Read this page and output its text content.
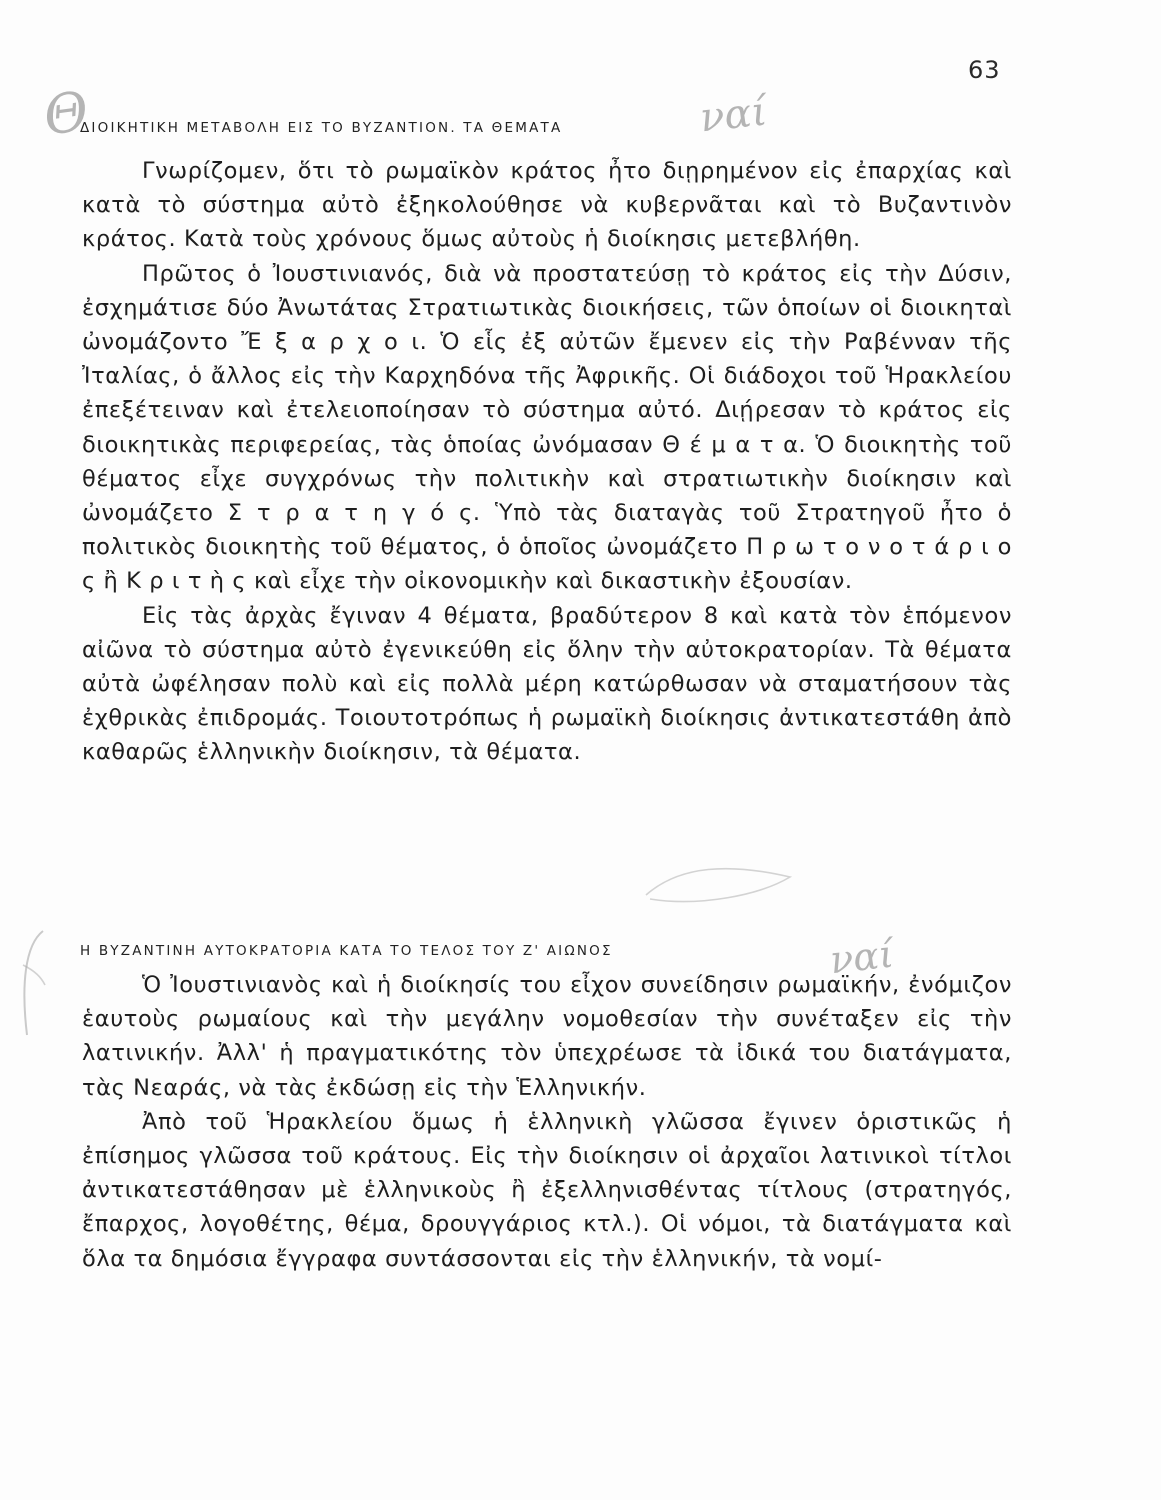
63
Θ	ναί
ναί
ΔΙΟΙΚΗΤΙΚΗ ΜΕΤΑΒΟΛΗ ΕΙΣ ΤΟ ΒΥΖΑΝΤΙΟΝ. ΤΑ ΘΕΜΑΤΑ

Γνωρίζομεν, ὅτι τὸ ρωμαϊκὸν κράτος ἦτο διῃρημένον εἰς ἐπαρχίας καὶ κατὰ τὸ σύστημα αὐτὸ ἐξηκολούθησε νὰ κυβερνᾶται καὶ τὸ Βυζαντινὸν κράτος. Κατὰ τοὺς χρόνους ὅμως αὐτοὺς ἡ διοίκησις μετεβλήθη.

Πρῶτος ὁ Ἰουστινιανός, διὰ νὰ προστατεύσῃ τὸ κράτος εἰς τὴν Δύσιν, ἐσχημάτισε δύο Ἀνωτάτας Στρατιωτικὰς διοικήσεις, τῶν ὁποίων οἱ διοικηταὶ ὠνομάζοντο Ἔ ξ α ρ χ ο ι. Ὁ εἷς ἐξ αὐτῶν ἔμενεν εἰς τὴν Ραβένναν τῆς Ἰταλίας, ὁ ἄλλος εἰς τὴν Καρχηδόνα τῆς Ἀφρικῆς. Οἱ διάδοχοι τοῦ Ἡρακλείου ἐπεξέτειναν καὶ ἐτελειοποίησαν τὸ σύστημα αὐτό. Διῄρεσαν τὸ κράτος εἰς διοικητικὰς περιφερείας, τὰς ὁποίας ὠνόμασαν Θ έ μ α τ α. Ὁ διοικητὴς τοῦ θέματος εἶχε συγχρόνως τὴν πολιτικὴν καὶ στρατιωτικὴν διοίκησιν καὶ ὠνομάζετο Σ τ ρ α τ η γ ό ς. Ὑπὸ τὰς διαταγὰς τοῦ Στρατηγοῦ ἦτο ὁ πολιτικὸς διοικητὴς τοῦ θέματος, ὁ ὁποῖος ὠνομάζετο Π ρ ω τ ο ν ο τ ά ρ ι ο ς ἢ Κ ρ ι τ ὴ ς καὶ εἶχε τὴν οἰκονομικὴν καὶ δικαστικὴν ἐξουσίαν.

Εἰς τὰς ἀρχὰς ἔγιναν 4 θέματα, βραδύτερον 8 καὶ κατὰ τὸν ἑπόμενον αἰῶνα τὸ σύστημα αὐτὸ ἐγενικεύθη εἰς ὅλην τὴν αὐτοκρατορίαν. Τὰ θέματα αὐτὰ ὠφέλησαν πολὺ καὶ εἰς πολλὰ μέρη κατώρθωσαν νὰ σταματήσουν τὰς ἐχθρικὰς ἐπιδρομάς. Τοιουτοτρόπως ἡ ρωμαϊκὴ διοίκησις ἀντικατεστάθη ἀπὸ καθαρῶς ἑλληνικὴν διοίκησιν, τὰ θέματα.

Η ΒΥΖΑΝΤΙΝΗ ΑΥΤΟΚΡΑΤΟΡΙΑ ΚΑΤΑ ΤΟ ΤΕΛΟΣ ΤΟΥ Ζ' ΑΙΩΝΟΣ

Ὁ Ἰουστινιανὸς καὶ ἡ διοίκησίς του εἶχον συνείδησιν ρωμαϊκήν, ἐνόμιζον ἑαυτοὺς ρωμαίους καὶ τὴν μεγάλην νομοθεσίαν τὴν συνέταξεν εἰς τὴν λατινικήν. Ἀλλ' ἡ πραγματικότης τὸν ὑπεχρέωσε τὰ ἰδικά του διατάγματα, τὰς Νεαράς, νὰ τὰς ἐκδώσῃ εἰς τὴν Ἑλληνικήν.

Ἀπὸ τοῦ Ἡρακλείου ὅμως ἡ ἑλληνικὴ γλῶσσα ἔγινεν ὁριστικῶς ἡ ἐπίσημος γλῶσσα τοῦ κράτους. Εἰς τὴν διοίκησιν οἱ ἀρχαῖοι λατινικοὶ τίτλοι ἀντικατεστάθησαν μὲ ἑλληνικοὺς ἢ ἐξελληνισθέντας τίτλους (στρατηγός, ἔπαρχος, λογοθέτης, θέμα, δρουγγάριος κτλ.). Οἱ νόμοι, τὰ διατάγματα καὶ ὅλα τα δημόσια ἔγγραφα συντάσσονται εἰς τὴν ἑλληνικήν, τὰ νομί-
